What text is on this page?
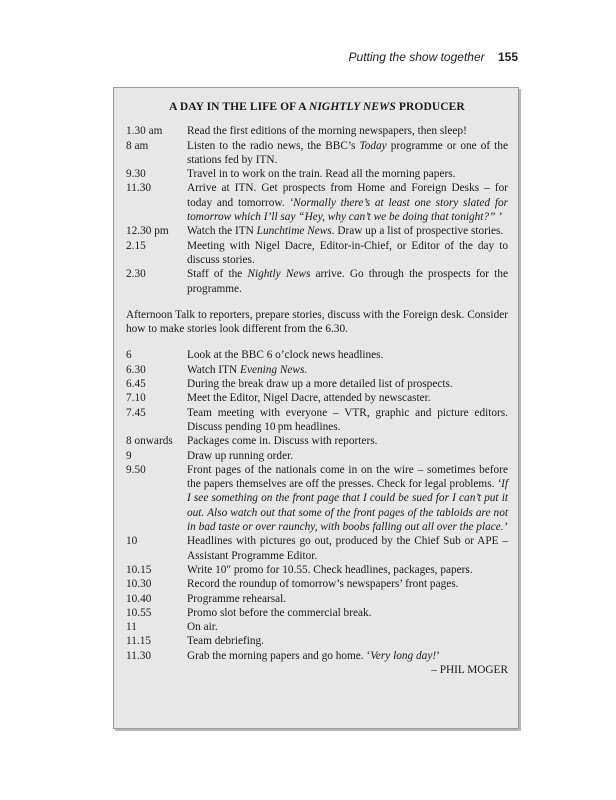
Putting the show together 155
A DAY IN THE LIFE OF A NIGHTLY NEWS PRODUCER
1.30 am	Read the first editions of the morning newspapers, then sleep!
8 am	Listen to the radio news, the BBC’s Today programme or one of the stations fed by ITN.
9.30	Travel in to work on the train. Read all the morning papers.
11.30	Arrive at ITN. Get prospects from Home and Foreign Desks – for today and tomorrow. ‘Normally there’s at least one story slated for tomorrow which I’ll say “Hey, why can’t we be doing that tonight?” ’
12.30 pm	Watch the ITN Lunchtime News. Draw up a list of prospective stories.
2.15	Meeting with Nigel Dacre, Editor-in-Chief, or Editor of the day to discuss stories.
2.30	Staff of the Nightly News arrive. Go through the prospects for the programme.
Afternoon Talk to reporters, prepare stories, discuss with the Foreign desk. Consider how to make stories look different from the 6.30.
6	Look at the BBC 6 o’clock news headlines.
6.30	Watch ITN Evening News.
6.45	During the break draw up a more detailed list of prospects.
7.10	Meet the Editor, Nigel Dacre, attended by newscaster.
7.45	Team meeting with everyone – VTR, graphic and picture editors. Discuss pending 10 pm headlines.
8 onwards	Packages come in. Discuss with reporters.
9	Draw up running order.
9.50	Front pages of the nationals come in on the wire – sometimes before the papers themselves are off the presses. Check for legal problems. ‘If I see something on the front page that I could be sued for I can’t put it out. Also watch out that some of the front pages of the tabloids are not in bad taste or over raunchy, with boobs falling out all over the place.’
10	Headlines with pictures go out, produced by the Chief Sub or APE – Assistant Programme Editor.
10.15	Write 10″ promo for 10.55. Check headlines, packages, papers.
10.30	Record the roundup of tomorrow’s newspapers’ front pages.
10.40	Programme rehearsal.
10.55	Promo slot before the commercial break.
11	On air.
11.15	Team debriefing.
11.30	Grab the morning papers and go home. ‘Very long day!’
– PHIL MOGER
